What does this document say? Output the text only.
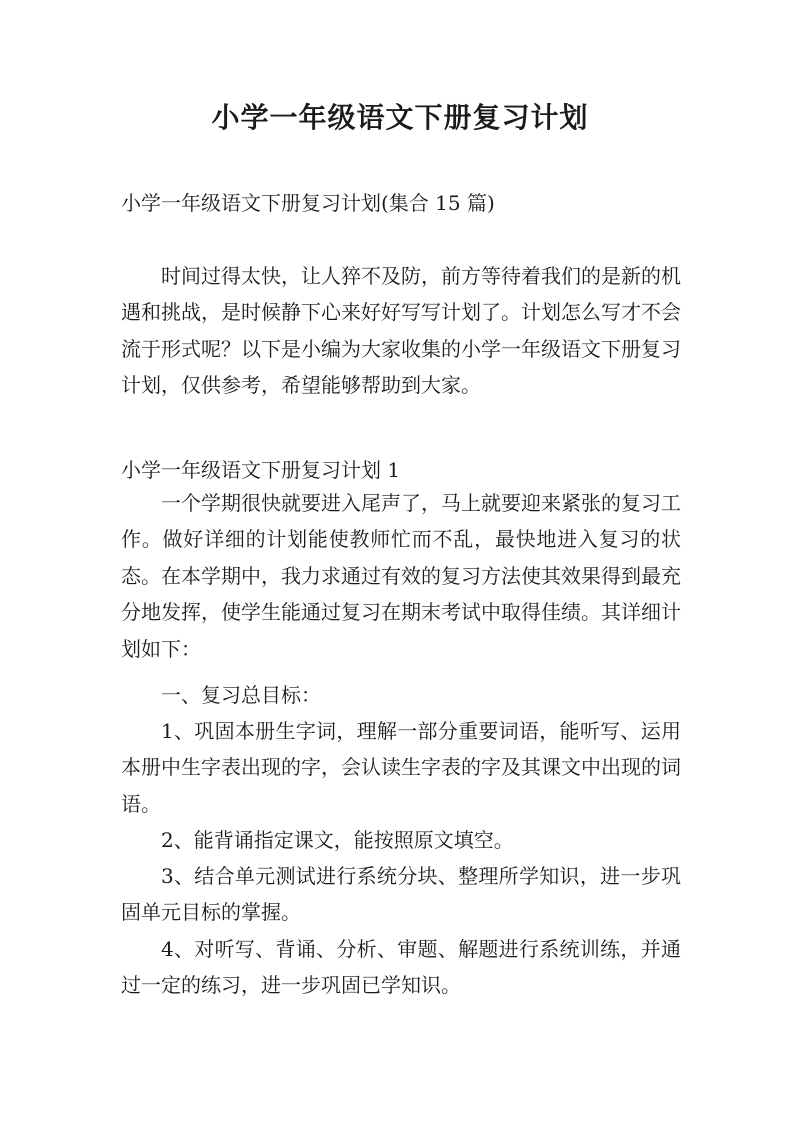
小学一年级语文下册复习计划
小学一年级语文下册复习计划(集合 15 篇)

时间过得太快，让人猝不及防，前方等待着我们的是新的机遇和挑战，是时候静下心来好好写写计划了。计划怎么写才不会流于形式呢？以下是小编为大家收集的小学一年级语文下册复习计划，仅供参考，希望能够帮助到大家。

小学一年级语文下册复习计划 1

一个学期很快就要进入尾声了，马上就要迎来紧张的复习工作。做好详细的计划能使教师忙而不乱，最快地进入复习的状态。在本学期中，我力求通过有效的复习方法使其效果得到最充分地发挥，使学生能通过复习在期末考试中取得佳绩。其详细计划如下：

一、复习总目标：

1、巩固本册生字词，理解一部分重要词语，能听写、运用本册中生字表出现的字，会认读生字表的字及其课文中出现的词语。

2、能背诵指定课文，能按照原文填空。

3、结合单元测试进行系统分块、整理所学知识，进一步巩固单元目标的掌握。

4、对听写、背诵、分析、审题、解题进行系统训练，并通过一定的练习，进一步巩固已学知识。
